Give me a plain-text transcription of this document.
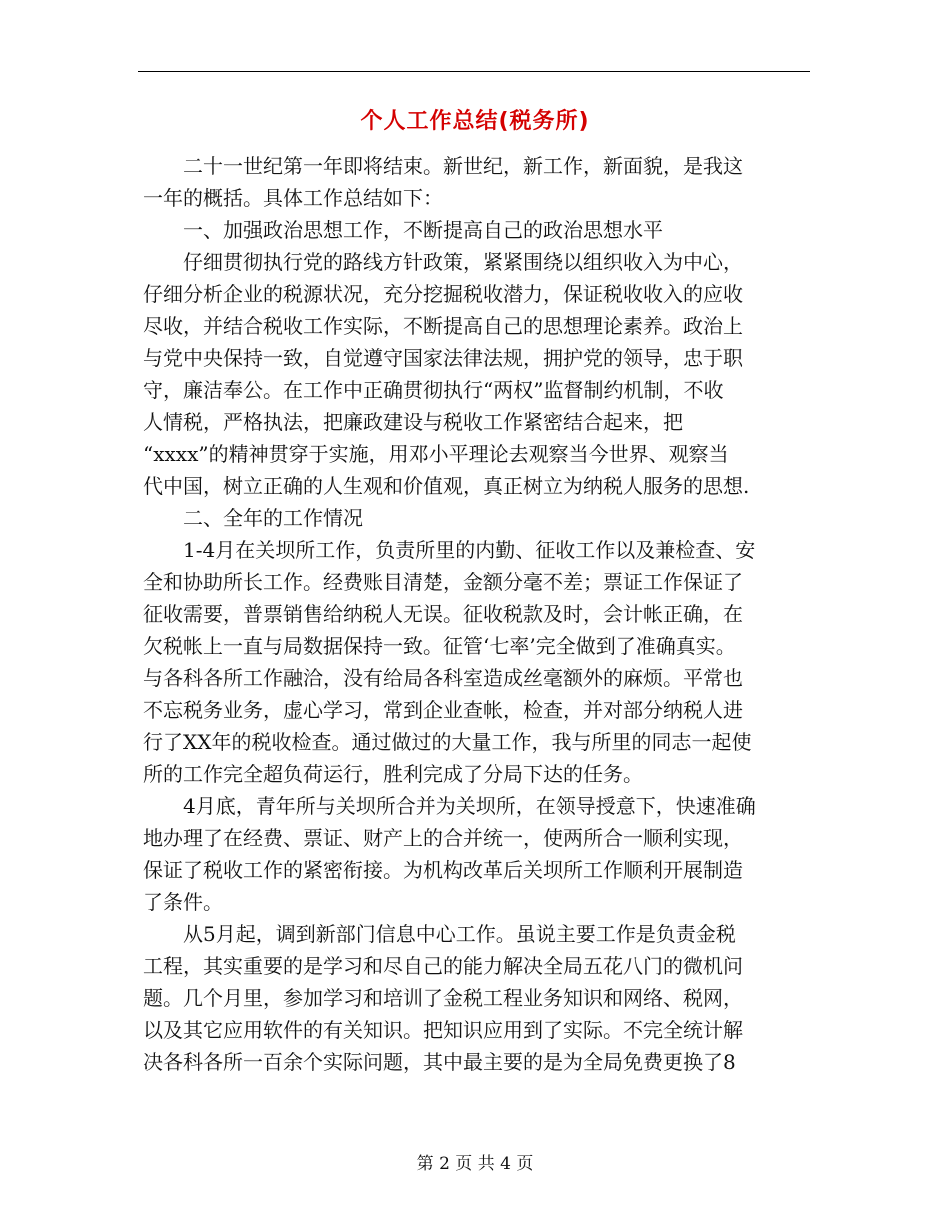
个人工作总结(税务所)
　　二十一世纪第一年即将结束。新世纪，新工作，新面貌，是我这
一年的概括。具体工作总结如下：
　　一、加强政治思想工作，不断提高自己的政治思想水平
　　仔细贯彻执行党的路线方针政策，紧紧围绕以组织收入为中心，
仔细分析企业的税源状况，充分挖掘税收潜力，保证税收收入的应收
尽收，并结合税收工作实际，不断提高自己的思想理论素养。政治上
与党中央保持一致，自觉遵守国家法律法规，拥护党的领导，忠于职
守，廉洁奉公。在工作中正确贯彻执行“两权”监督制约机制，不收
人情税，严格执法，把廉政建设与税收工作紧密结合起来，把
“xxxx”的精神贯穿于实施，用邓小平理论去观察当今世界、观察当
代中国，树立正确的人生观和价值观，真正树立为纳税人服务的思想.
　　二、全年的工作情况
　　1-4月在关坝所工作，负责所里的内勤、征收工作以及兼检查、安
全和协助所长工作。经费账目清楚，金额分毫不差；票证工作保证了
征收需要，普票销售给纳税人无误。征收税款及时，会计帐正确，在
欠税帐上一直与局数据保持一致。征管‘七率’完全做到了准确真实。
与各科各所工作融洽，没有给局各科室造成丝毫额外的麻烦。平常也
不忘税务业务，虚心学习，常到企业查帐，检查，并对部分纳税人进
行了XX年的税收检查。通过做过的大量工作，我与所里的同志一起使
所的工作完全超负荷运行，胜利完成了分局下达的任务。
　　4月底，青年所与关坝所合并为关坝所，在领导授意下，快速准确
地办理了在经费、票证、财产上的合并统一，使两所合一顺利实现，
保证了税收工作的紧密衔接。为机构改革后关坝所工作顺利开展制造
了条件。
　　从5月起，调到新部门信息中心工作。虽说主要工作是负责金税
工程，其实重要的是学习和尽自己的能力解决全局五花八门的微机问
题。几个月里，参加学习和培训了金税工程业务知识和网络、税网，
以及其它应用软件的有关知识。把知识应用到了实际。不完全统计解
决各科各所一百余个实际问题，其中最主要的是为全局免费更换了8
第 2 页 共 4 页
